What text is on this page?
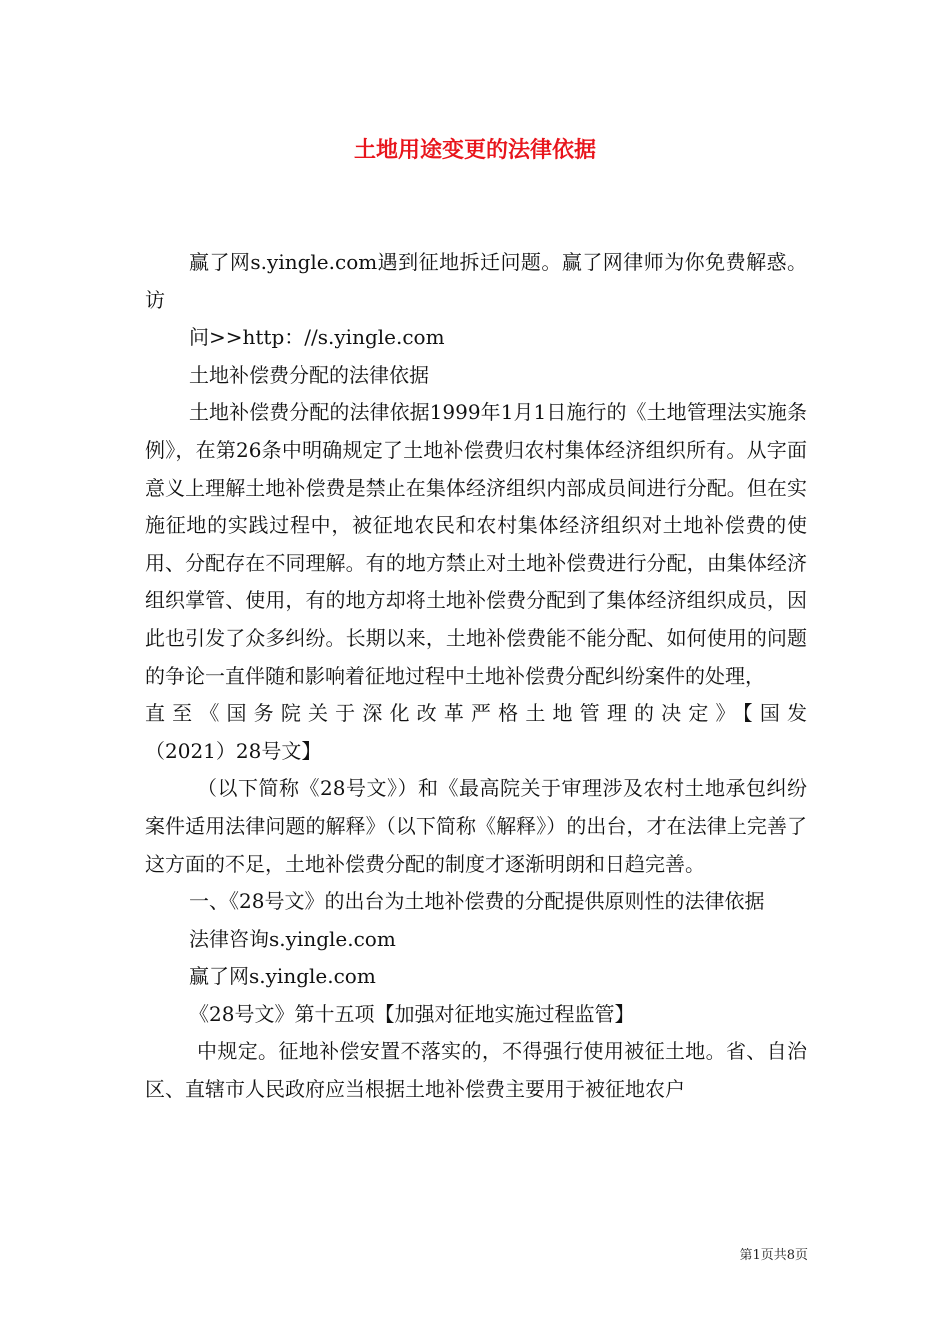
土地用途变更的法律依据

赢了网s.yingle.com遇到征地拆迁问题。赢了网律师为你免费解惑。访

问>>http：//s.yingle.com

土地补偿费分配的法律依据

土地补偿费分配的法律依据1999年1月1日施行的《土地管理法实施条例》，在第26条中明确规定了土地补偿费归农村集体经济组织所有。从字面意义上理解土地补偿费是禁止在集体经济组织内部成员间进行分配。但在实施征地的实践过程中，被征地农民和农村集体经济组织对土地补偿费的使用、分配存在不同理解。有的地方禁止对土地补偿费进行分配，由集体经济组织掌管、使用，有的地方却将土地补偿费分配到了集体经济组织成员，因此也引发了众多纠纷。长期以来，土地补偿费能不能分配、如何使用的问题的争论一直伴随和影响着征地过程中土地补偿费分配纠纷案件的处理，

直至《国务院关于深化改革严格土地管理的决定》【国发

（2021）28号文】

（以下简称《28号文》）和《最高院关于审理涉及农村土地承包纠纷案件适用法律问题的解释》（以下简称《解释》）的出台，才在法律上完善了这方面的不足，土地补偿费分配的制度才逐渐明朗和日趋完善。

一、《28号文》的出台为土地补偿费的分配提供原则性的法律依据

法律咨询s.yingle.com

赢了网s.yingle.com

《28号文》第十五项【加强对征地实施过程监管】

中规定。征地补偿安置不落实的，不得强行使用被征土地。省、自治区、直辖市人民政府应当根据土地补偿费主要用于被征地农户

第1页共8页
